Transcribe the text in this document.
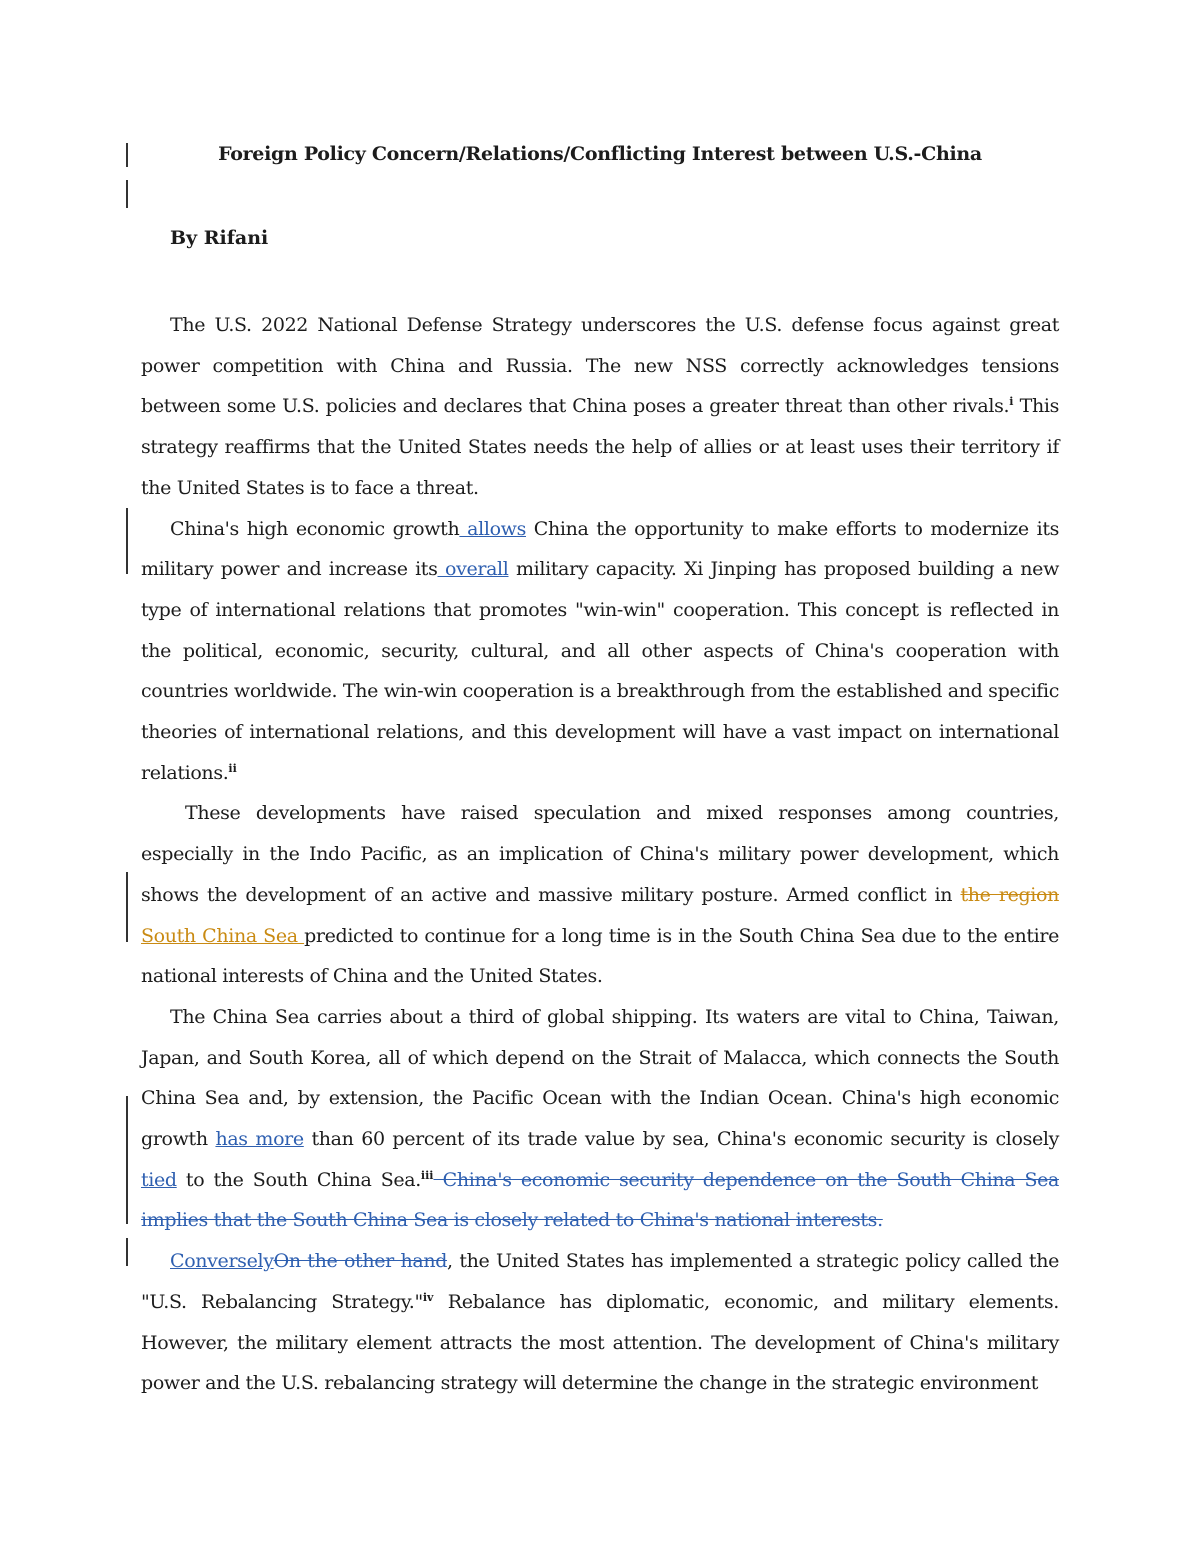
Foreign Policy Concern/Relations/Conflicting Interest between U.S.-China
By Rifani

The U.S. 2022 National Defense Strategy underscores the U.S. defense focus against great power competition with China and Russia. The new NSS correctly acknowledges tensions between some U.S. policies and declares that China poses a greater threat than other rivals.$^i$ This strategy reaffirms that the United States needs the help of allies or at least uses their territory if the United States is to face a threat.

China's high economic growth allows China the opportunity to make efforts to modernize its military power and increase its overall military capacity. Xi Jinping has proposed building a new type of international relations that promotes "win-win" cooperation. This concept is reflected in the political, economic, security, cultural, and all other aspects of China's cooperation with countries worldwide. The win-win cooperation is a breakthrough from the established and specific theories of international relations, and this development will have a vast impact on international relations.$^{ii}$

These developments have raised speculation and mixed responses among countries, especially in the Indo Pacific, as an implication of China's military power development, which shows the development of an active and massive military posture. Armed conflict in the region South China Sea predicted to continue for a long time is in the South China Sea due to the entire national interests of China and the United States.

The China Sea carries about a third of global shipping. Its waters are vital to China, Taiwan, Japan, and South Korea, all of which depend on the Strait of Malacca, which connects the South China Sea and, by extension, the Pacific Ocean with the Indian Ocean. China's high economic growth has more than 60 percent of its trade value by sea, China's economic security is closely tied to the South China Sea.$^{iii}$ China's economic security dependence on the South China Sea implies that the South China Sea is closely related to China's national interests.

ConverselyOn the other hand, the United States has implemented a strategic policy called the "U.S. Rebalancing Strategy."$^{iv}$ Rebalance has diplomatic, economic, and military elements. However, the military element attracts the most attention. The development of China's military power and the U.S. rebalancing strategy will determine the change in the strategic environment
